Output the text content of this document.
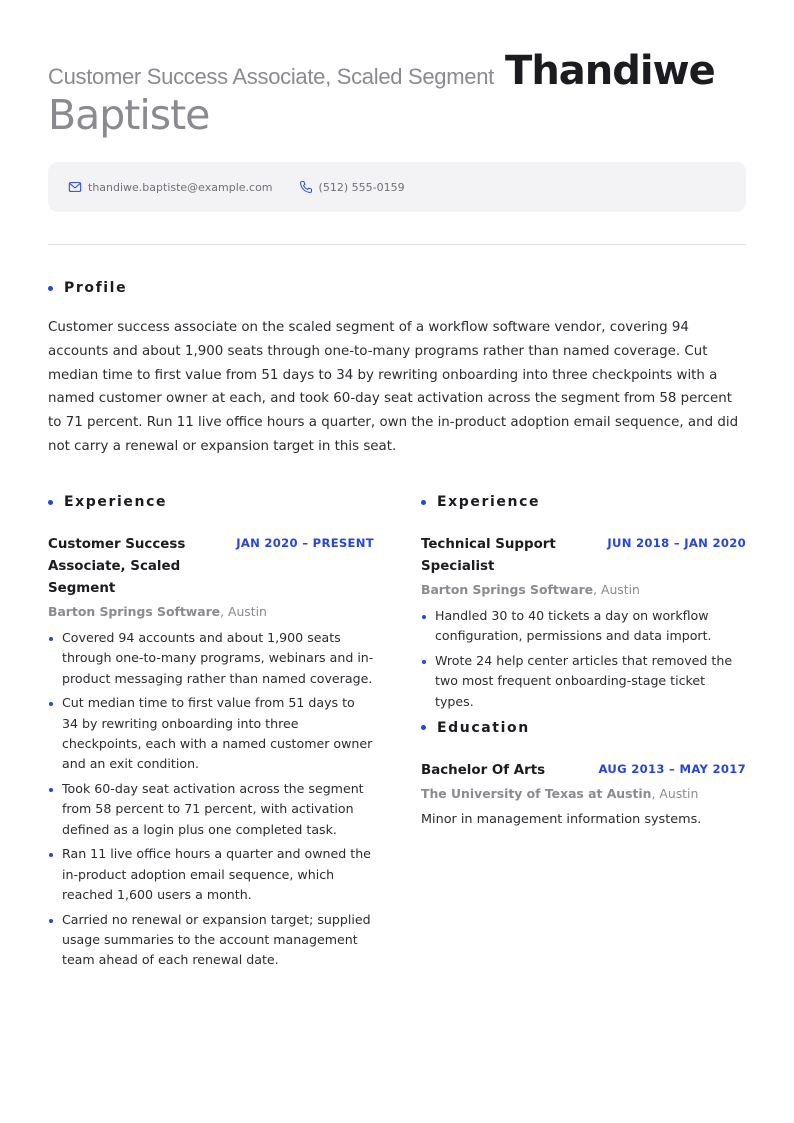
Customer Success Associate, Scaled Segment Thandiwe
Baptiste
thandiwe.baptiste@example.com	(512) 555-0159
Profile
Customer success associate on the scaled segment of a workflow software vendor, covering 94 accounts and about 1,900 seats through one-to-many programs rather than named coverage. Cut median time to first value from 51 days to 34 by rewriting onboarding into three checkpoints with a named customer owner at each, and took 60-day seat activation across the segment from 58 percent to 71 percent. Run 11 live office hours a quarter, own the in-product adoption email sequence, and did not carry a renewal or expansion target in this seat.
Experience
Customer Success Associate, Scaled Segment
JAN 2020 – PRESENT
Barton Springs Software, Austin
Covered 94 accounts and about 1,900 seats through one-to-many programs, webinars and in-product messaging rather than named coverage.
Cut median time to first value from 51 days to 34 by rewriting onboarding into three checkpoints, each with a named customer owner and an exit condition.
Took 60-day seat activation across the segment from 58 percent to 71 percent, with activation defined as a login plus one completed task.
Ran 11 live office hours a quarter and owned the in-product adoption email sequence, which reached 1,600 users a month.
Carried no renewal or expansion target; supplied usage summaries to the account management team ahead of each renewal date.
Experience
Technical Support Specialist
JUN 2018 – JAN 2020
Barton Springs Software, Austin
Handled 30 to 40 tickets a day on workflow configuration, permissions and data import.
Wrote 24 help center articles that removed the two most frequent onboarding-stage ticket types.
Education
Bachelor Of Arts	AUG 2013 – MAY 2017
The University of Texas at Austin, Austin
Minor in management information systems.
